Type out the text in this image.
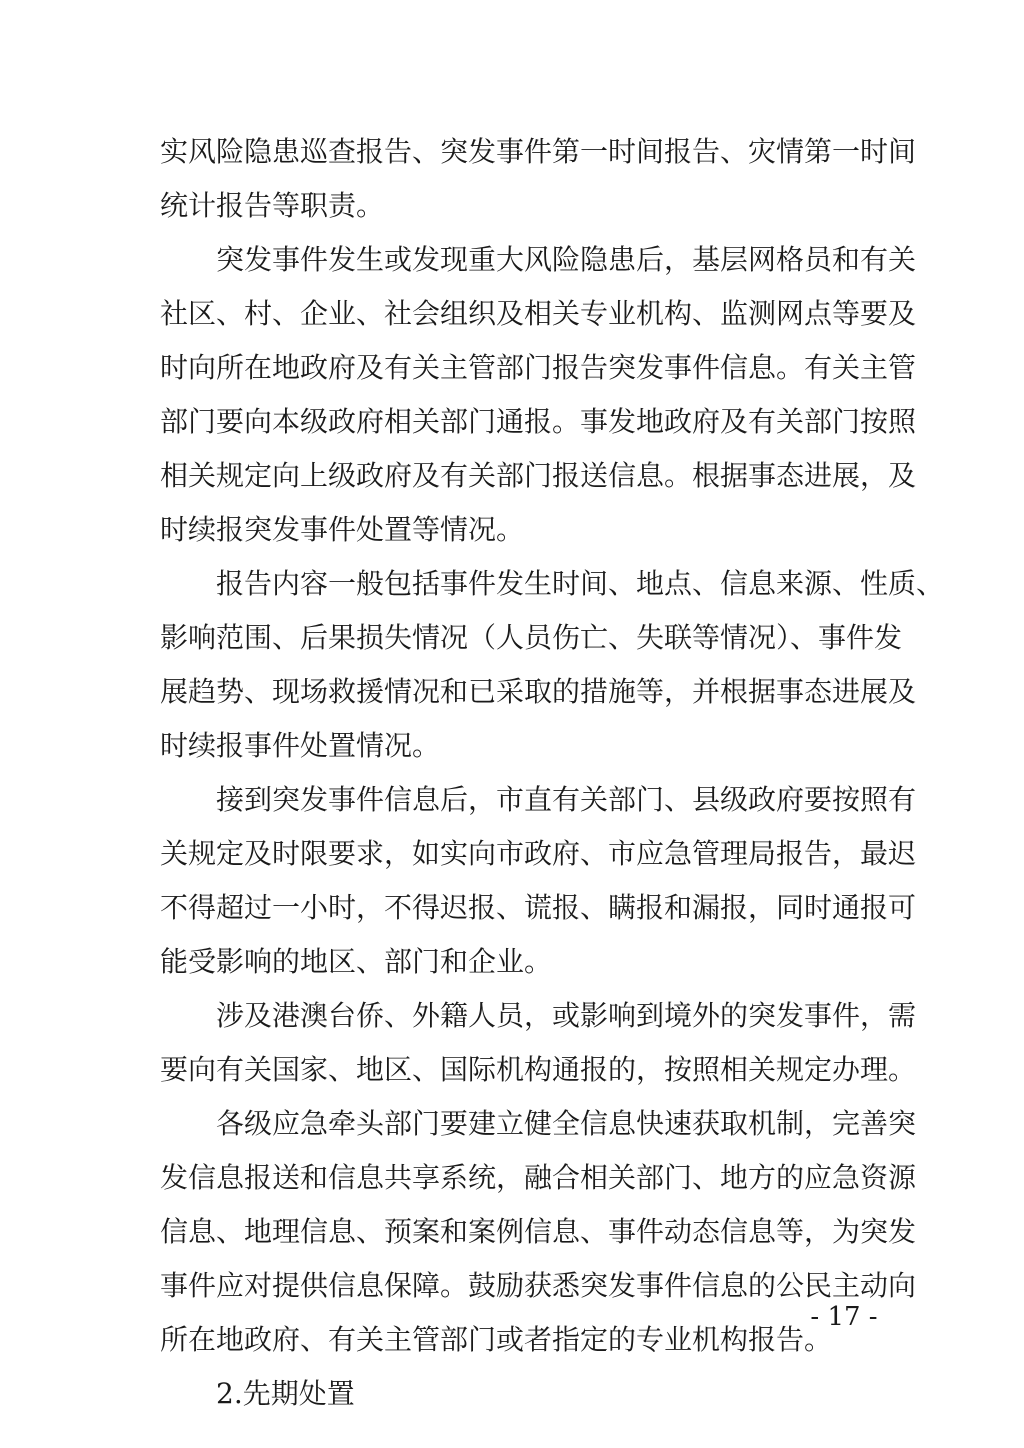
实风险隐患巡查报告、突发事件第一时间报告、灾情第一时间
统计报告等职责。
突发事件发生或发现重大风险隐患后，基层网格员和有关
社区、村、企业、社会组织及相关专业机构、监测网点等要及
时向所在地政府及有关主管部门报告突发事件信息。有关主管
部门要向本级政府相关部门通报。事发地政府及有关部门按照
相关规定向上级政府及有关部门报送信息。根据事态进展，及
时续报突发事件处置等情况。
报告内容一般包括事件发生时间、地点、信息来源、性质、
影响范围、后果损失情况（人员伤亡、失联等情况）、事件发
展趋势、现场救援情况和已采取的措施等，并根据事态进展及
时续报事件处置情况。
接到突发事件信息后，市直有关部门、县级政府要按照有
关规定及时限要求，如实向市政府、市应急管理局报告，最迟
不得超过一小时，不得迟报、谎报、瞒报和漏报，同时通报可
能受影响的地区、部门和企业。
涉及港澳台侨、外籍人员，或影响到境外的突发事件，需
要向有关国家、地区、国际机构通报的，按照相关规定办理。
各级应急牵头部门要建立健全信息快速获取机制，完善突
发信息报送和信息共享系统，融合相关部门、地方的应急资源
信息、地理信息、预案和案例信息、事件动态信息等，为突发
事件应对提供信息保障。鼓励获悉突发事件信息的公民主动向
所在地政府、有关主管部门或者指定的专业机构报告。
2.先期处置
- 17 -
